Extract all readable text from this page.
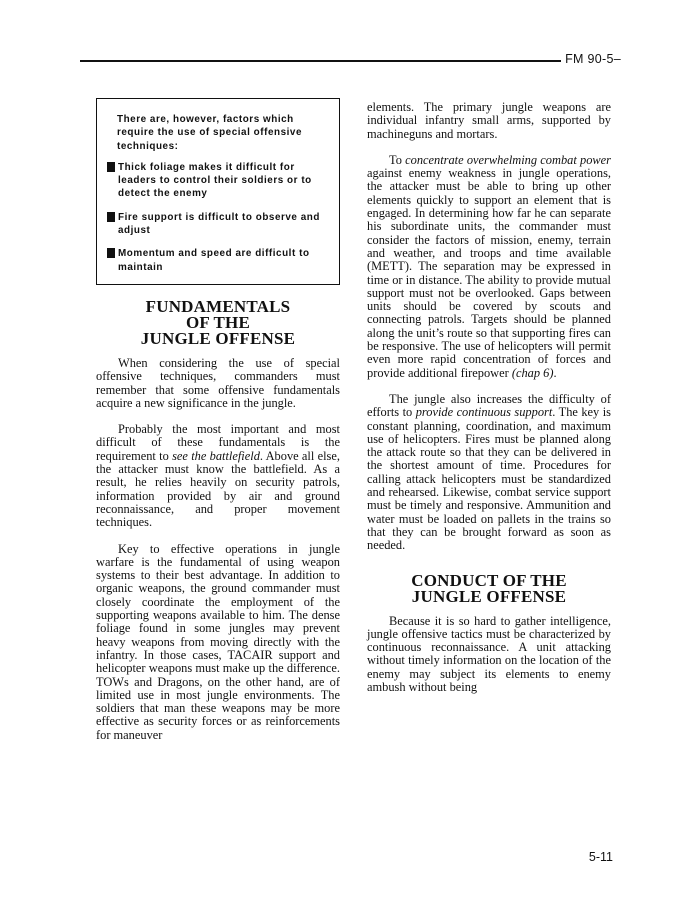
FM 90-5–
There are, however, factors which require the use of special offensive techniques:
Thick foliage makes it difficult for leaders to control their soldiers or to detect the enemy
Fire support is difficult to observe and adjust
Momentum and speed are difficult to maintain
FUNDAMENTALS
OF THE
JUNGLE OFFENSE

When considering the use of special offensive techniques, commanders must remember that some offensive fundamentals acquire a new significance in the jungle.

Probably the most important and most difficult of these fundamentals is the requirement to see the battlefield. Above all else, the attacker must know the battlefield. As a result, he relies heavily on security patrols, information provided by air and ground reconnaissance, and proper movement techniques.

Key to effective operations in jungle warfare is the fundamental of using weapon systems to their best advantage. In addition to organic weapons, the ground commander must closely coordinate the employment of the supporting weapons available to him. The dense foliage found in some jungles may prevent heavy weapons from moving directly with the infantry. In those cases, TACAIR support and helicopter weapons must make up the difference. TOWs and Dragons, on the other hand, are of limited use in most jungle environments. The soldiers that man these weapons may be more effective as security forces or as reinforcements for maneuver

elements. The primary jungle weapons are individual infantry small arms, supported by machineguns and mortars.

To concentrate overwhelming combat power against enemy weakness in jungle operations, the attacker must be able to bring up other elements quickly to support an element that is engaged. In determining how far he can separate his subordinate units, the commander must consider the factors of mission, enemy, terrain and weather, and troops and time available (METT). The separation may be expressed in time or in distance. The ability to provide mutual support must not be overlooked. Gaps between units should be covered by scouts and connecting patrols. Targets should be planned along the unit’s route so that supporting fires can be responsive. The use of helicopters will permit even more rapid concentration of forces and provide additional firepower (chap 6).

The jungle also increases the difficulty of efforts to provide continuous support. The key is constant planning, coordination, and maximum use of helicopters. Fires must be planned along the attack route so that they can be delivered in the shortest amount of time. Procedures for calling attack helicopters must be standardized and rehearsed. Likewise, combat service support must be timely and responsive. Ammunition and water must be loaded on pallets in the trains so that they can be brought forward as soon as needed.

CONDUCT OF THE
JUNGLE OFFENSE

Because it is so hard to gather intelligence, jungle offensive tactics must be characterized by continuous reconnaissance. A unit attacking without timely information on the location of the enemy may subject its elements to enemy ambush without being

5-11
